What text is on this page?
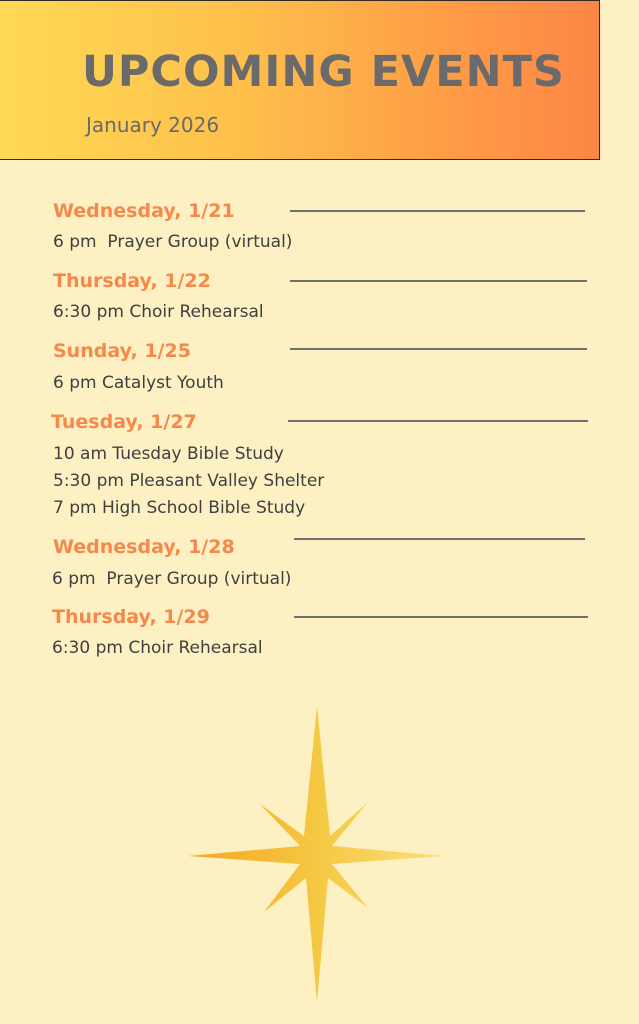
UPCOMING EVENTS
January 2026
Wednesday, 1/21
6 pm  Prayer Group (virtual)
Thursday, 1/22
6:30 pm Choir Rehearsal
Sunday, 1/25
6 pm Catalyst Youth
Tuesday, 1/27
10 am Tuesday Bible Study
5:30 pm Pleasant Valley Shelter
7 pm High School Bible Study
Wednesday, 1/28
6 pm  Prayer Group (virtual)
Thursday, 1/29
6:30 pm Choir Rehearsal
